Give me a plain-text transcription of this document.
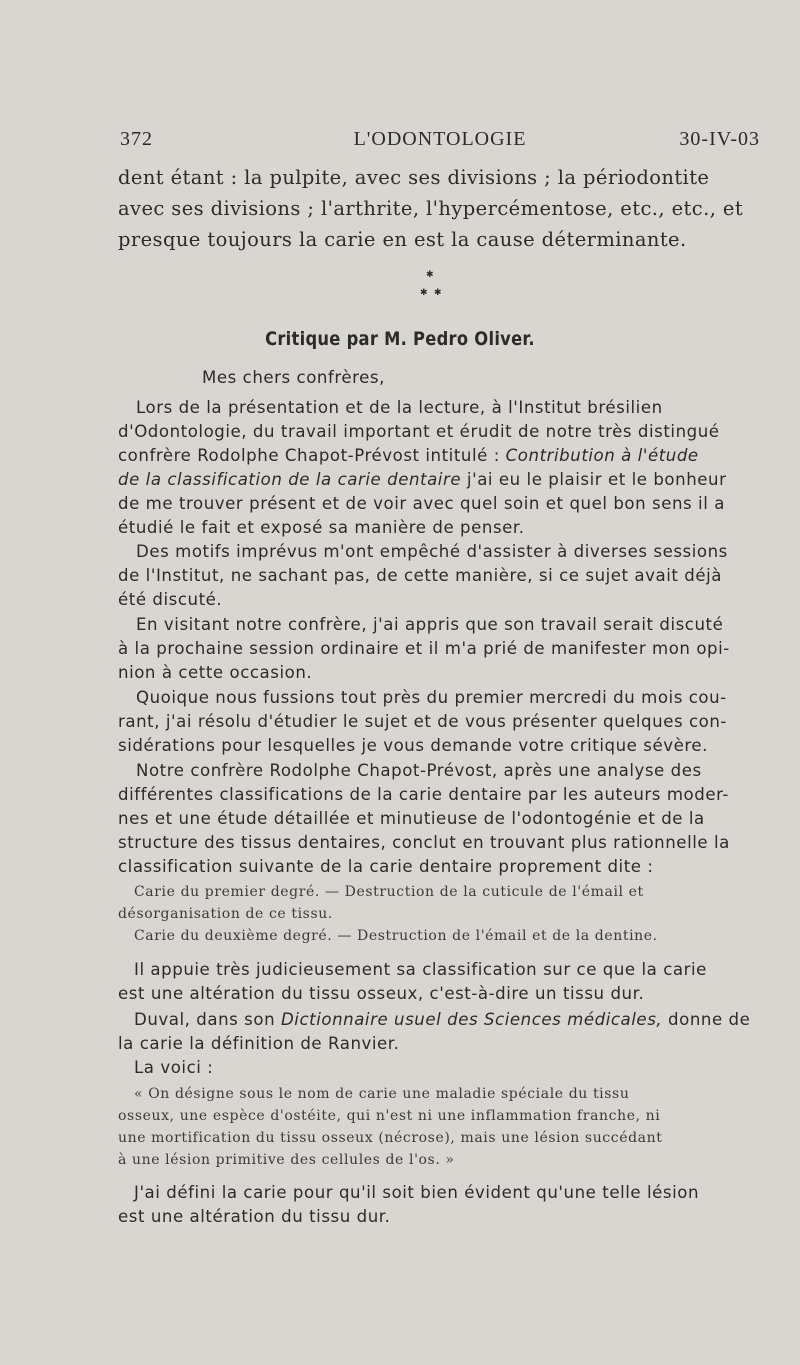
372	L'ODONTOLOGIE	30-IV-03
dent étant : la pulpite, avec ses divisions ; la périodontite
avec ses divisions ; l'arthrite, l'hypercémentose, etc., etc., et
presque toujours la carie en est la cause déterminante.
✱
✱ ✱
Critique par M. Pedro Oliver.
Mes chers confrères,
Lors de la présentation et de la lecture, à l'Institut brésilien
d'Odontologie, du travail important et érudit de notre très distingué
confrère Rodolphe Chapot-Prévost intitulé : Contribution à l'étude
de la classification de la carie dentaire j'ai eu le plaisir et le bonheur
de me trouver présent et de voir avec quel soin et quel bon sens il a
étudié le fait et exposé sa manière de penser.
Des motifs imprévus m'ont empêché d'assister à diverses sessions
de l'Institut, ne sachant pas, de cette manière, si ce sujet avait déjà
été discuté.
En visitant notre confrère, j'ai appris que son travail serait discuté
à la prochaine session ordinaire et il m'a prié de manifester mon opi-
nion à cette occasion.
Quoique nous fussions tout près du premier mercredi du mois cou-
rant, j'ai résolu d'étudier le sujet et de vous présenter quelques con-
sidérations pour lesquelles je vous demande votre critique sévère.
Notre confrère Rodolphe Chapot-Prévost, après une analyse des
différentes classifications de la carie dentaire par les auteurs moder-
nes et une étude détaillée et minutieuse de l'odontogénie et de la
structure des tissus dentaires, conclut en trouvant plus rationnelle la
classification suivante de la carie dentaire proprement dite :
Carie du premier degré. — Destruction de la cuticule de l'émail et
désorganisation de ce tissu.
Carie du deuxième degré. — Destruction de l'émail et de la dentine.
Il appuie très judicieusement sa classification sur ce que la carie
est une altération du tissu osseux, c'est-à-dire un tissu dur.
Duval, dans son Dictionnaire usuel des Sciences médicales, donne de
la carie la définition de Ranvier.
La voici :
« On désigne sous le nom de carie une maladie spéciale du tissu
osseux, une espèce d'ostéite, qui n'est ni une inflammation franche, ni
une mortification du tissu osseux (nécrose), mais une lésion succédant
à une lésion primitive des cellules de l'os. »
J'ai défini la carie pour qu'il soit bien évident qu'une telle lésion
est une altération du tissu dur.
